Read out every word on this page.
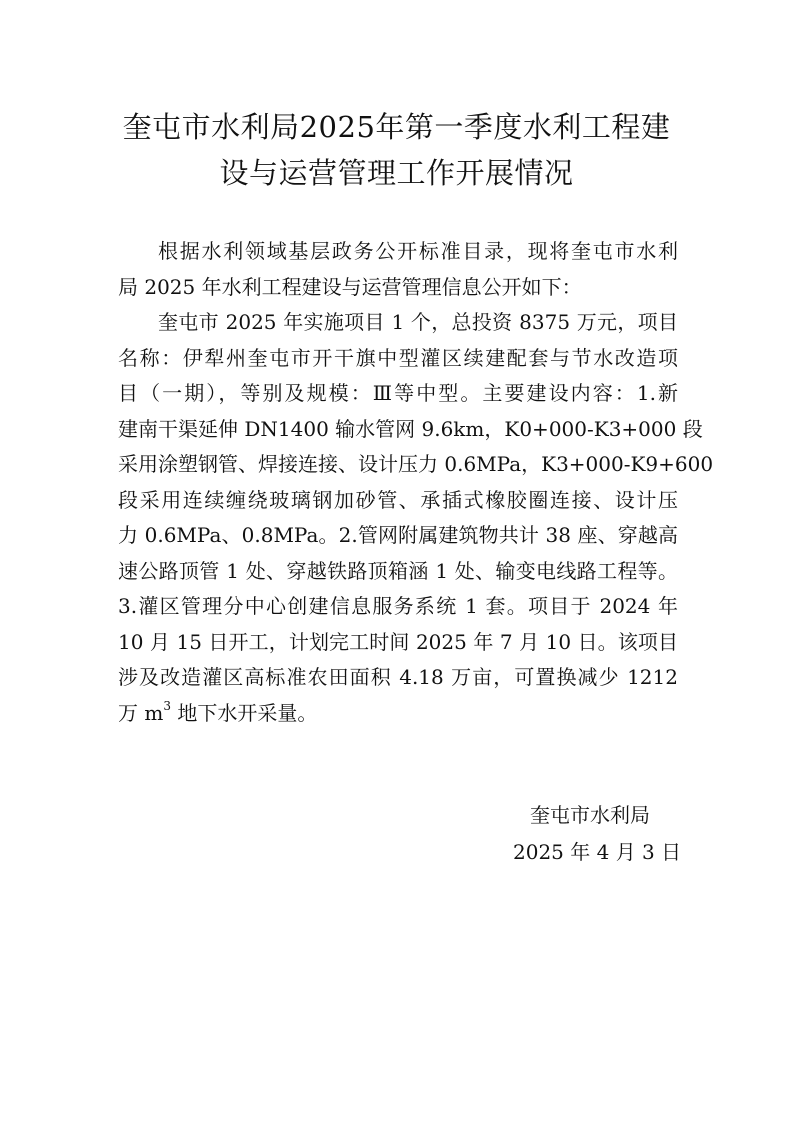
奎屯市水利局2025年第一季度水利工程建
设与运营管理工作开展情况
根据水利领域基层政务公开标准目录，现将奎屯市水利
局 2025 年水利工程建设与运营管理信息公开如下：
奎屯市 2025 年实施项目 1 个，总投资 8375 万元，项目
名称：伊犁州奎屯市开干旗中型灌区续建配套与节水改造项
目（一期），等别及规模：Ⅲ等中型。主要建设内容：1.新
建南干渠延伸 DN1400 输水管网 9.6km，K0+000-K3+000 段
采用涂塑钢管、焊接连接、设计压力 0.6MPa，K3+000-K9+600
段采用连续缠绕玻璃钢加砂管、承插式橡胶圈连接、设计压
力 0.6MPa、0.8MPa。2.管网附属建筑物共计 38 座、穿越高
速公路顶管 1 处、穿越铁路顶箱涵 1 处、输变电线路工程等。
3.灌区管理分中心创建信息服务系统 1 套。项目于 2024 年
10 月 15 日开工，计划完工时间 2025 年 7 月 10 日。该项目
涉及改造灌区高标准农田面积 4.18 万亩，可置换减少 1212
万 $m^3$ 地下水开采量。
奎屯市水利局
2025 年 4 月 3 日
